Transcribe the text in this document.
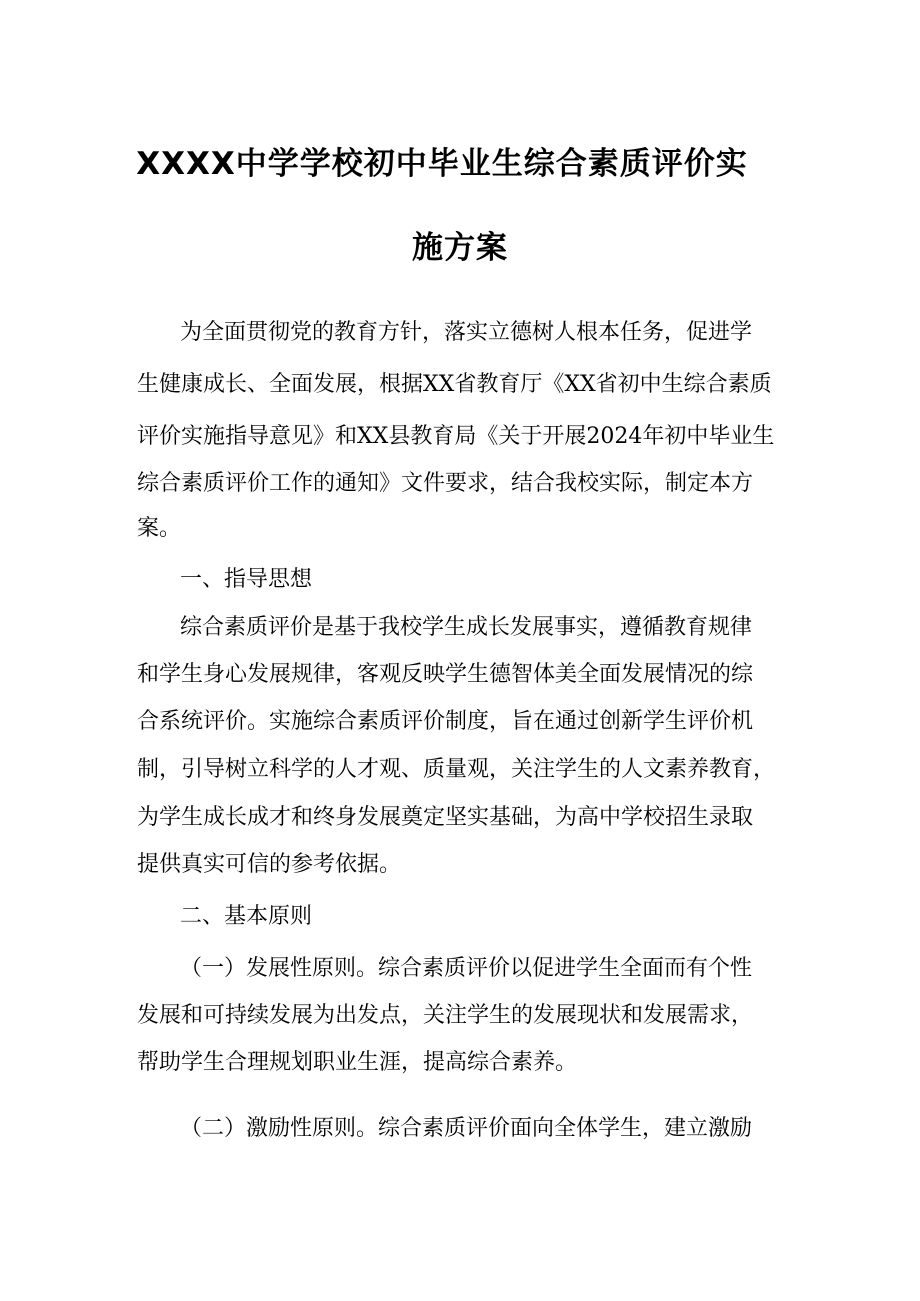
XXXX中学学校初中毕业生综合素质评价实
施方案
为全面贯彻党的教育方针，落实立德树人根本任务，促进学
生健康成长、全面发展，根据XX省教育厅《XX省初中生综合素质
评价实施指导意见》和XX县教育局《关于开展2024年初中毕业生
综合素质评价工作的通知》文件要求，结合我校实际，制定本方
案。
一、指导思想
综合素质评价是基于我校学生成长发展事实，遵循教育规律
和学生身心发展规律，客观反映学生德智体美全面发展情况的综
合系统评价。实施综合素质评价制度，旨在通过创新学生评价机
制，引导树立科学的人才观、质量观，关注学生的人文素养教育，
为学生成长成才和终身发展奠定坚实基础，为高中学校招生录取
提供真实可信的参考依据。
二、基本原则
（一）发展性原则。综合素质评价以促进学生全面而有个性
发展和可持续发展为出发点，关注学生的发展现状和发展需求，
帮助学生合理规划职业生涯，提高综合素养。
（二）激励性原则。综合素质评价面向全体学生，建立激励
